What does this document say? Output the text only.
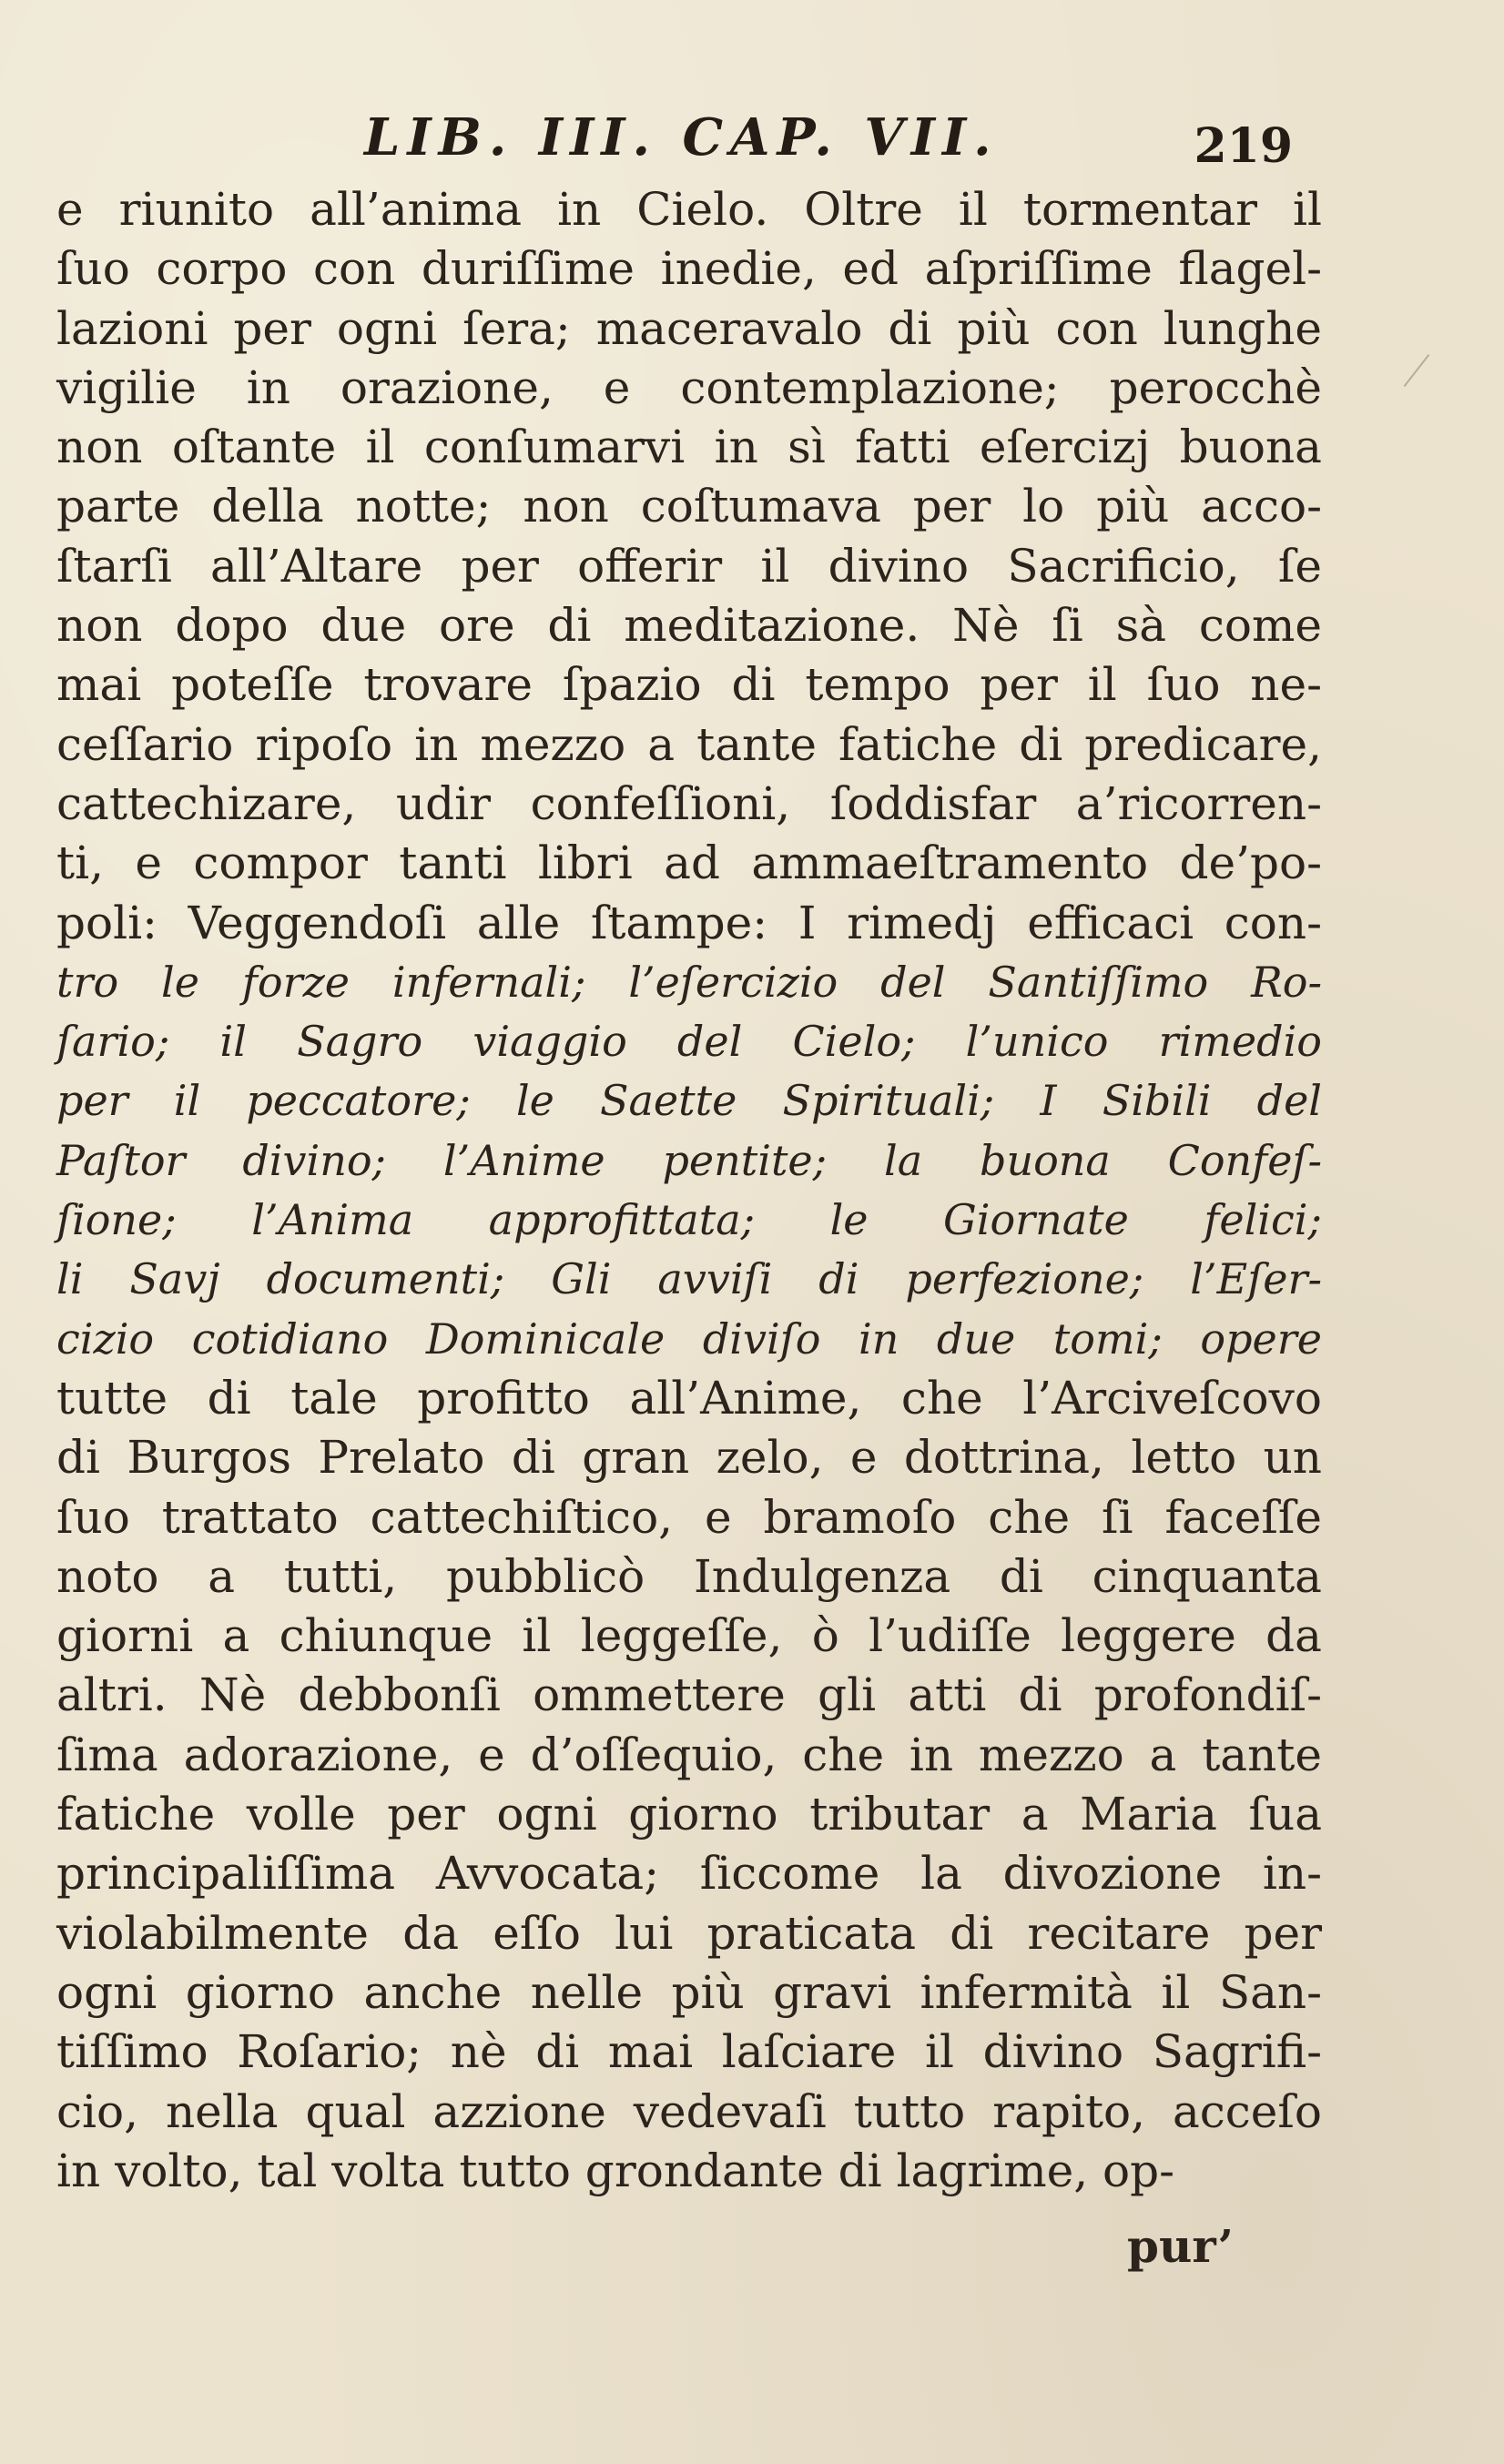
LIB. III. CAP. VII.	219
e riunito all’anima in Cielo. Oltre il tormentar il
ſuo corpo con duriſſime inedie, ed aſpriſſime flagel-
lazioni per ogni ſera; maceravalo di più con lunghe
vigilie in orazione, e contemplazione; perocchè
non oſtante il conſumarvi in sì fatti eſercizj buona
parte della notte; non coſtumava per lo più acco-
ſtarſi all’Altare per offerir il divino Sacrificio, ſe
non dopo due ore di meditazione. Nè ſi sà come
mai poteſſe trovare ſpazio di tempo per il ſuo ne-
ceſſario ripoſo in mezzo a tante fatiche di predicare,
cattechizare, udir confeſſioni, ſoddisfar a’ricorren-
ti, e compor tanti libri ad ammaeſtramento de’po-
poli: Veggendoſi alle ſtampe: I rimedj efficaci con-
tro le forze infernali; l’eſercizio del Santiſſimo Ro-
ſario; il Sagro viaggio del Cielo; l’unico rimedio
per il peccatore; le Saette Spirituali; I Sibili del
Paſtor divino; l’Anime pentite; la buona Confeſ-
ſione; l’Anima approfittata; le Giornate felici;
li Savj documenti; Gli avviſi di perfezione; l’Eſer-
cizio cotidiano Dominicale diviſo in due tomi; opere
tutte di tale profitto all’Anime, che l’Arciveſcovo
di Burgos Prelato di gran zelo, e dottrina, letto un
ſuo trattato cattechiſtico, e bramoſo che ſi faceſſe
noto a tutti, pubblicò Indulgenza di cinquanta
giorni a chiunque il leggeſſe, ò l’udiſſe leggere da
altri. Nè debbonſi ommettere gli atti di profondiſ-
ſima adorazione, e d’oſſequio, che in mezzo a tante
fatiche volle per ogni giorno tributar a Maria ſua
principaliſſima Avvocata; ſiccome la divozione in-
violabilmente da eſſo lui praticata di recitare per
ogni giorno anche nelle più gravi infermità il San-
tiſſimo Roſario; nè di mai laſciare il divino Sagrifi-
cio, nella qual azzione vedevaſi tutto rapito, acceſo
in volto, tal volta tutto grondante di lagrime, op-
pur’
